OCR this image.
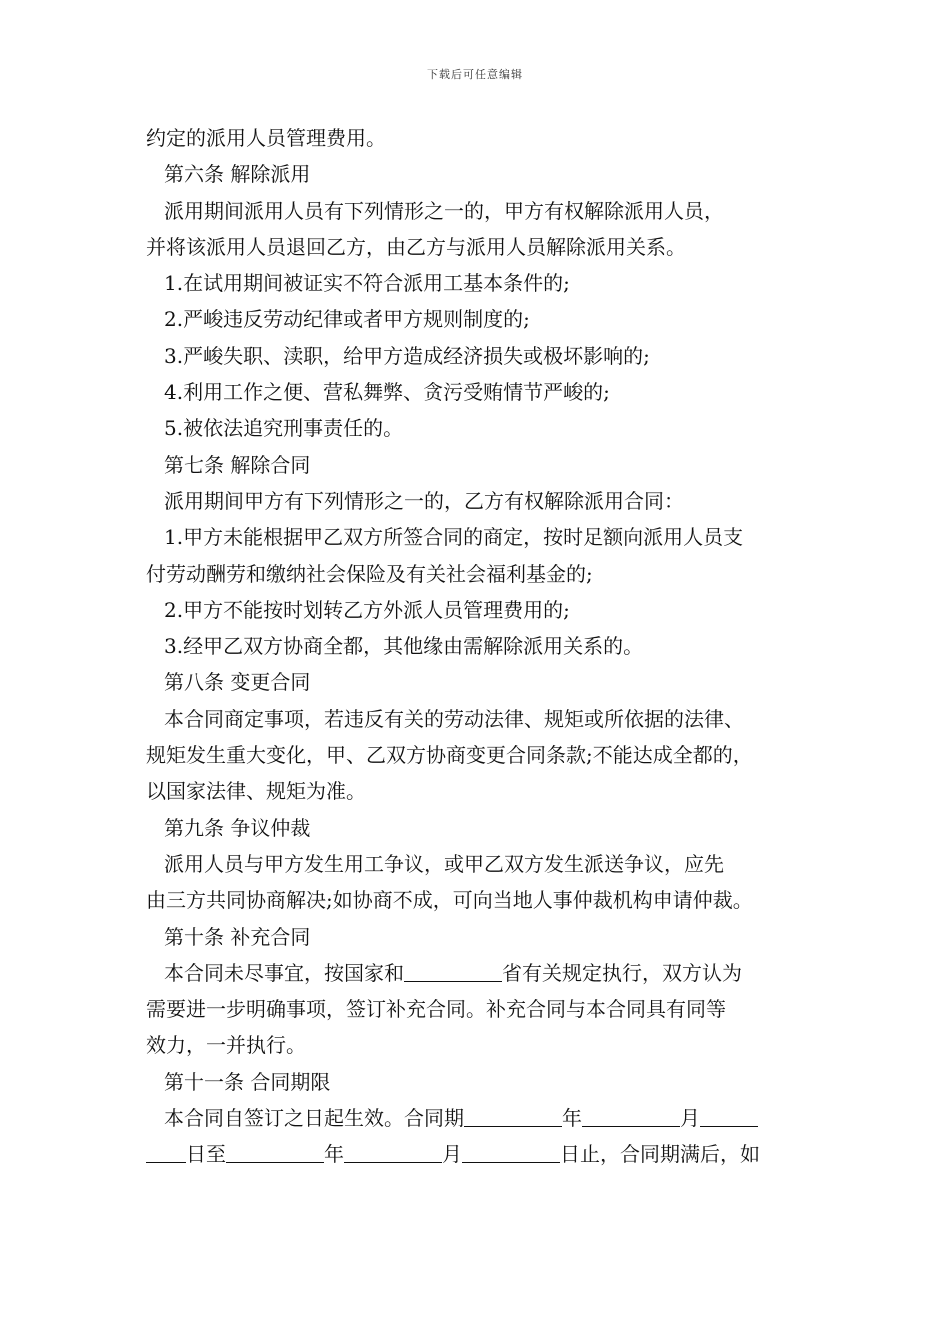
下载后可任意编辑
约定的派用人员管理费用。
第六条 解除派用
派用期间派用人员有下列情形之一的，甲方有权解除派用人员，
并将该派用人员退回乙方，由乙方与派用人员解除派用关系。
1.在试用期间被证实不符合派用工基本条件的;
2.严峻违反劳动纪律或者甲方规则制度的;
3.严峻失职、渎职，给甲方造成经济损失或极坏影响的;
4.利用工作之便、营私舞弊、贪污受贿情节严峻的;
5.被依法追究刑事责任的。
第七条 解除合同
派用期间甲方有下列情形之一的，乙方有权解除派用合同：
1.甲方未能根据甲乙双方所签合同的商定，按时足额向派用人员支
付劳动酬劳和缴纳社会保险及有关社会福利基金的;
2.甲方不能按时划转乙方外派人员管理费用的;
3.经甲乙双方协商全都，其他缘由需解除派用关系的。
第八条 变更合同
本合同商定事项，若违反有关的劳动法律、规矩或所依据的法律、
规矩发生重大变化，甲、乙双方协商变更合同条款;不能达成全都的，
以国家法律、规矩为准。
第九条 争议仲裁
派用人员与甲方发生用工争议，或甲乙双方发生派送争议，应先
由三方共同协商解决;如协商不成，可向当地人事仲裁机构申请仲裁。
第十条 补充合同
本合同未尽事宜，按国家和	省有关规定执行，双方认为
需要进一步明确事项，签订补充合同。补充合同与本合同具有同等
效力，一并执行。
第十一条 合同期限
本合同自签订之日起生效。合同期	年	月
日至	年	月	日止，合同期满后，如
